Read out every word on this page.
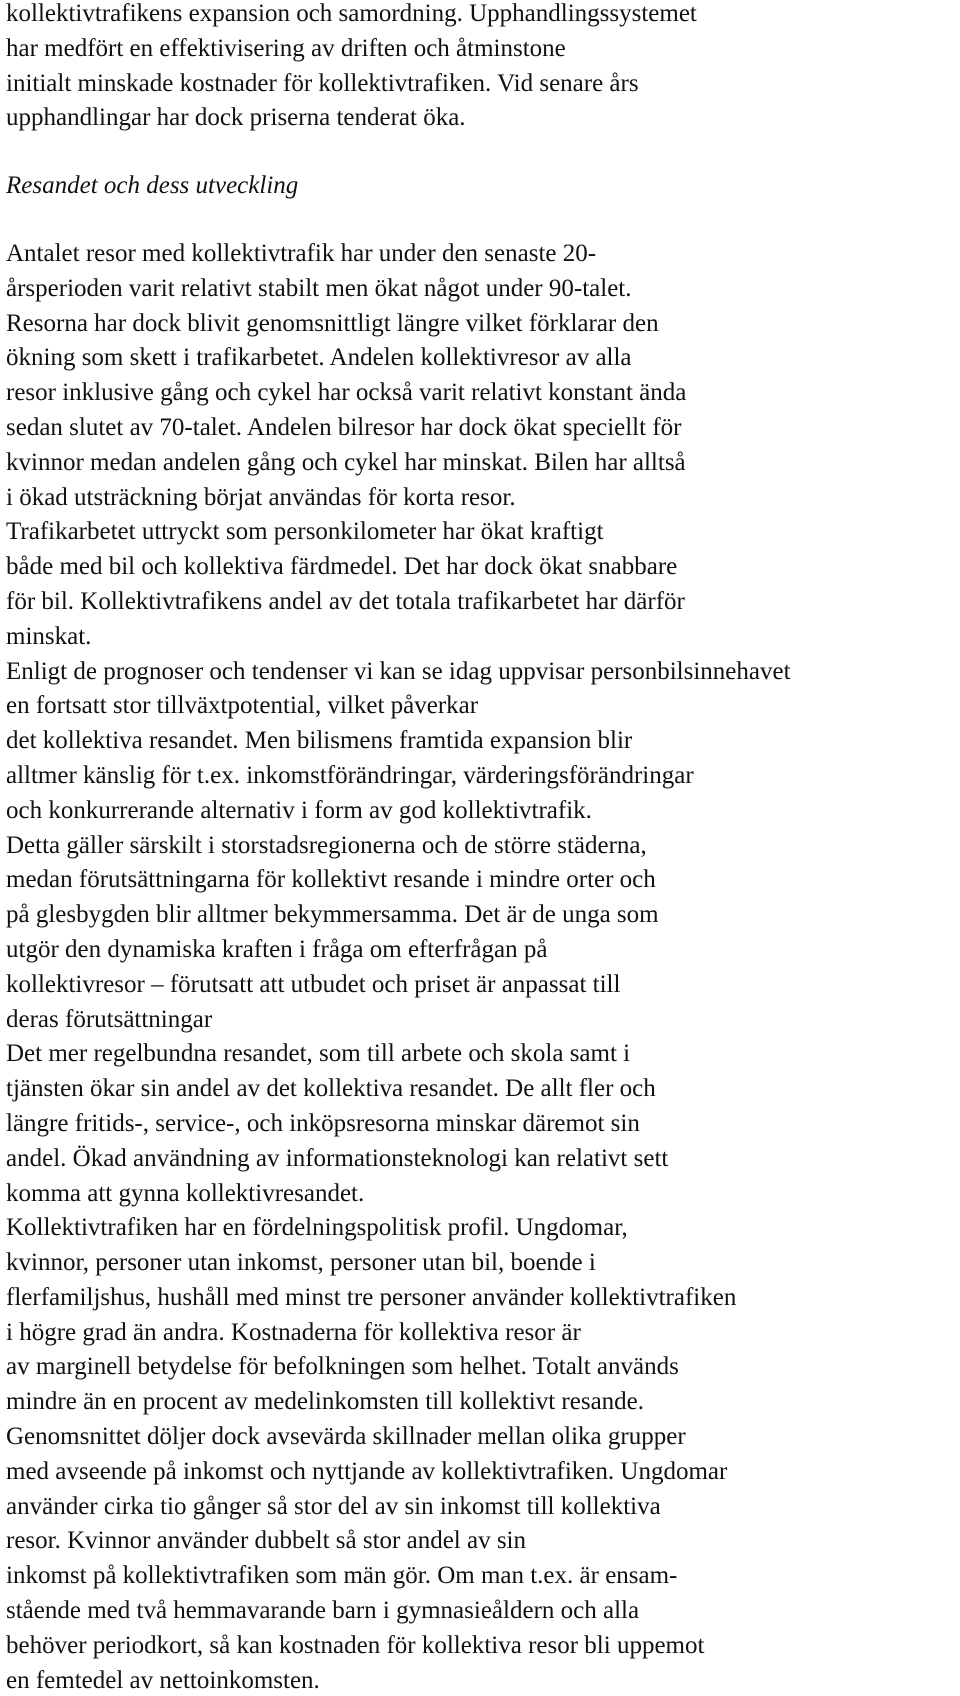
kollektivtrafikens expansion och samordning. Upphandlingssystemet
har medfört en effektivisering av driften och åtminstone
initialt minskade kostnader för kollektivtrafiken. Vid senare års
upphandlingar har dock priserna tenderat öka.
Resandet och dess utveckling
Antalet resor med kollektivtrafik har under den senaste 20-
årsperioden varit relativt stabilt men ökat något under 90-talet.
Resorna har dock blivit genomsnittligt längre vilket förklarar den
ökning som skett i trafikarbetet. Andelen kollektivresor av alla
resor inklusive gång och cykel har också varit relativt konstant ända
sedan slutet av 70-talet. Andelen bilresor har dock ökat speciellt för
kvinnor medan andelen gång och cykel har minskat. Bilen har alltså
i ökad utsträckning börjat användas för korta resor.
Trafikarbetet uttryckt som personkilometer har ökat kraftigt
både med bil och kollektiva färdmedel. Det har dock ökat snabbare
för bil. Kollektivtrafikens andel av det totala trafikarbetet har därför
minskat.
Enligt de prognoser och tendenser vi kan se idag uppvisar personbilsinnehavet
en fortsatt stor tillväxtpotential, vilket påverkar
det kollektiva resandet. Men bilismens framtida expansion blir
alltmer känslig för t.ex. inkomstförändringar, värderingsförändringar
och konkurrerande alternativ i form av god kollektivtrafik.
Detta gäller särskilt i storstadsregionerna och de större städerna,
medan förutsättningarna för kollektivt resande i mindre orter och
på glesbygden blir alltmer bekymmersamma. Det är de unga som
utgör den dynamiska kraften i fråga om efterfrågan på
kollektivresor – förutsatt att utbudet och priset är anpassat till
deras förutsättningar
Det mer regelbundna resandet, som till arbete och skola samt i
tjänsten ökar sin andel av det kollektiva resandet. De allt fler och
längre fritids-, service-, och inköpsresorna minskar däremot sin
andel. Ökad användning av informationsteknologi kan relativt sett
komma att gynna kollektivresandet.
Kollektivtrafiken har en fördelningspolitisk profil. Ungdomar,
kvinnor, personer utan inkomst, personer utan bil, boende i
flerfamiljshus, hushåll med minst tre personer använder kollektivtrafiken
i högre grad än andra. Kostnaderna för kollektiva resor är
av marginell betydelse för befolkningen som helhet. Totalt används
mindre än en procent av medelinkomsten till kollektivt resande.
Genomsnittet döljer dock avsevärda skillnader mellan olika grupper
med avseende på inkomst och nyttjande av kollektivtrafiken. Ungdomar
använder cirka tio gånger så stor del av sin inkomst till kollektiva
resor. Kvinnor använder dubbelt så stor andel av sin
inkomst på kollektivtrafiken som män gör. Om man t.ex. är ensam-
stående med två hemmavarande barn i gymnasieåldern och alla
behöver periodkort, så kan kostnaden för kollektiva resor bli uppemot
en femtedel av nettoinkomsten.
